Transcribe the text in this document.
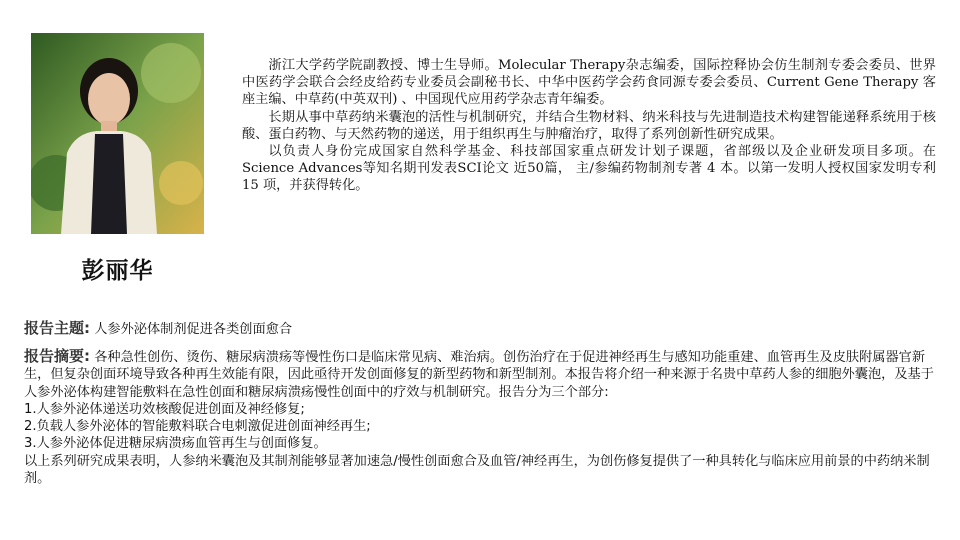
彭丽华

浙江大学药学院副教授、博士生导师。Molecular Therapy杂志编委，国际控释协会仿生制剂专委会委员、世界中医药学会联合会经皮给药专业委员会副秘书长、中华中医药学会药食同源专委会委员、Current Gene Therapy 客座主编、中草药(中英双刊) 、中国现代应用药学杂志青年编委。

长期从事中草药纳米囊泡的活性与机制研究，并结合生物材料、纳米科技与先进制造技术构建智能递释系统用于核酸、蛋白药物、与天然药物的递送，用于组织再生与肿瘤治疗，取得了系列创新性研究成果。

以负责人身份完成国家自然科学基金、科技部国家重点研发计划子课题，省部级以及企业研发项目多项。在Science Advances等知名期刊发表SCI论文 近50篇， 主/参编药物制剂专著 4 本。以第一发明人授权国家发明专利 15 项，并获得转化。

报告主题: 人参外泌体制剂促进各类创面愈合

报告摘要: 各种急性创伤、烫伤、糖尿病溃疡等慢性伤口是临床常见病、难治病。创伤治疗在于促进神经再生与感知功能重建、血管再生及皮肤附属器官新生，但复杂创面环境导致各种再生效能有限，因此亟待开发创面修复的新型药物和新型制剂。本报告将介绍一种来源于名贵中草药人参的细胞外囊泡，及基于人参外泌体构建智能敷料在急性创面和糖尿病溃疡慢性创面中的疗效与机制研究。报告分为三个部分:

1.人参外泌体递送功效核酸促进创面及神经修复;

2.负载人参外泌体的智能敷料联合电刺激促进创面神经再生;

3.人参外泌体促进糖尿病溃疡血管再生与创面修复。

以上系列研究成果表明，人参纳米囊泡及其制剂能够显著加速急/慢性创面愈合及血管/神经再生，为创伤修复提供了一种具转化与临床应用前景的中药纳米制剂。
